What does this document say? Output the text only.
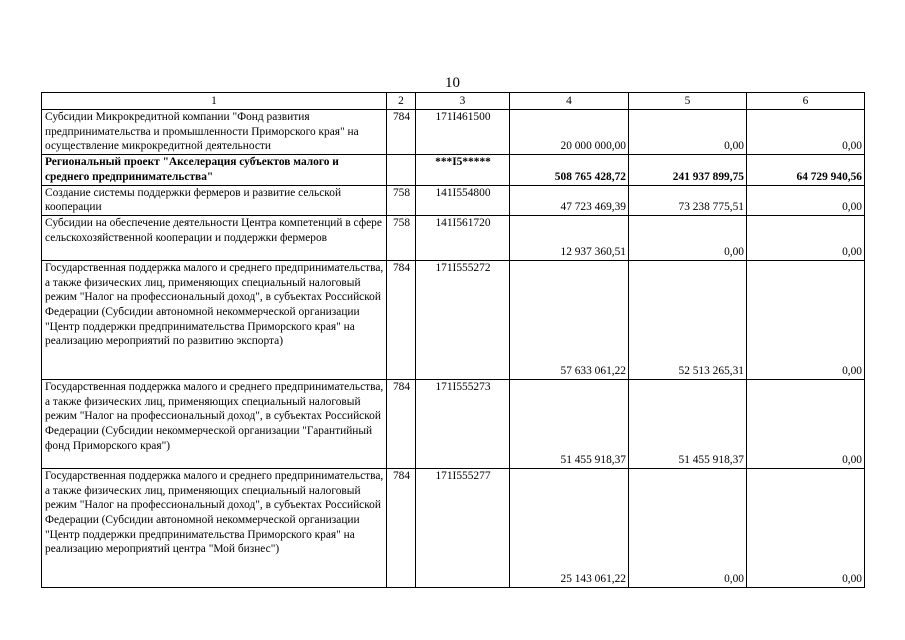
10
1	2	3	4	5	6
Субсидии Микрокредитной компании "Фонд развития предпринимательства и промышленности Приморского края" на осуществление микрокредитной деятельности	784	171I461500	20 000 000,00	0,00	0,00
Региональный проект "Акселерация субъектов малого и среднего предпринимательства"		***I5*****	508 765 428,72	241 937 899,75	64 729 940,56
Создание системы поддержки фермеров и развитие сельской кооперации	758	141I554800	47 723 469,39	73 238 775,51	0,00
Субсидии на обеспечение деятельности Центра компетенций в сфере сельскохозяйственной кооперации и поддержки фермеров	758	141I561720	12 937 360,51	0,00	0,00
Государственная поддержка малого и среднего предпринимательства, а также физических лиц, применяющих специальный налоговый режим "Налог на профессиональный доход", в субъектах Российской Федерации (Субсидии автономной некоммерческой организации "Центр поддержки предпринимательства Приморского края" на реализацию мероприятий по развитию экспорта)	784	171I555272	57 633 061,22	52 513 265,31	0,00
Государственная поддержка малого и среднего предпринимательства, а также физических лиц, применяющих специальный налоговый режим "Налог на профессиональный доход", в субъектах Российской Федерации (Субсидии некоммерческой организации "Гарантийный фонд Приморского края")	784	171I555273	51 455 918,37	51 455 918,37	0,00
Государственная поддержка малого и среднего предпринимательства, а также физических лиц, применяющих специальный налоговый режим "Налог на профессиональный доход", в субъектах Российской Федерации (Субсидии автономной некоммерческой организации "Центр поддержки предпринимательства Приморского края" на реализацию мероприятий центра "Мой бизнес")	784	171I555277	25 143 061,22	0,00	0,00
